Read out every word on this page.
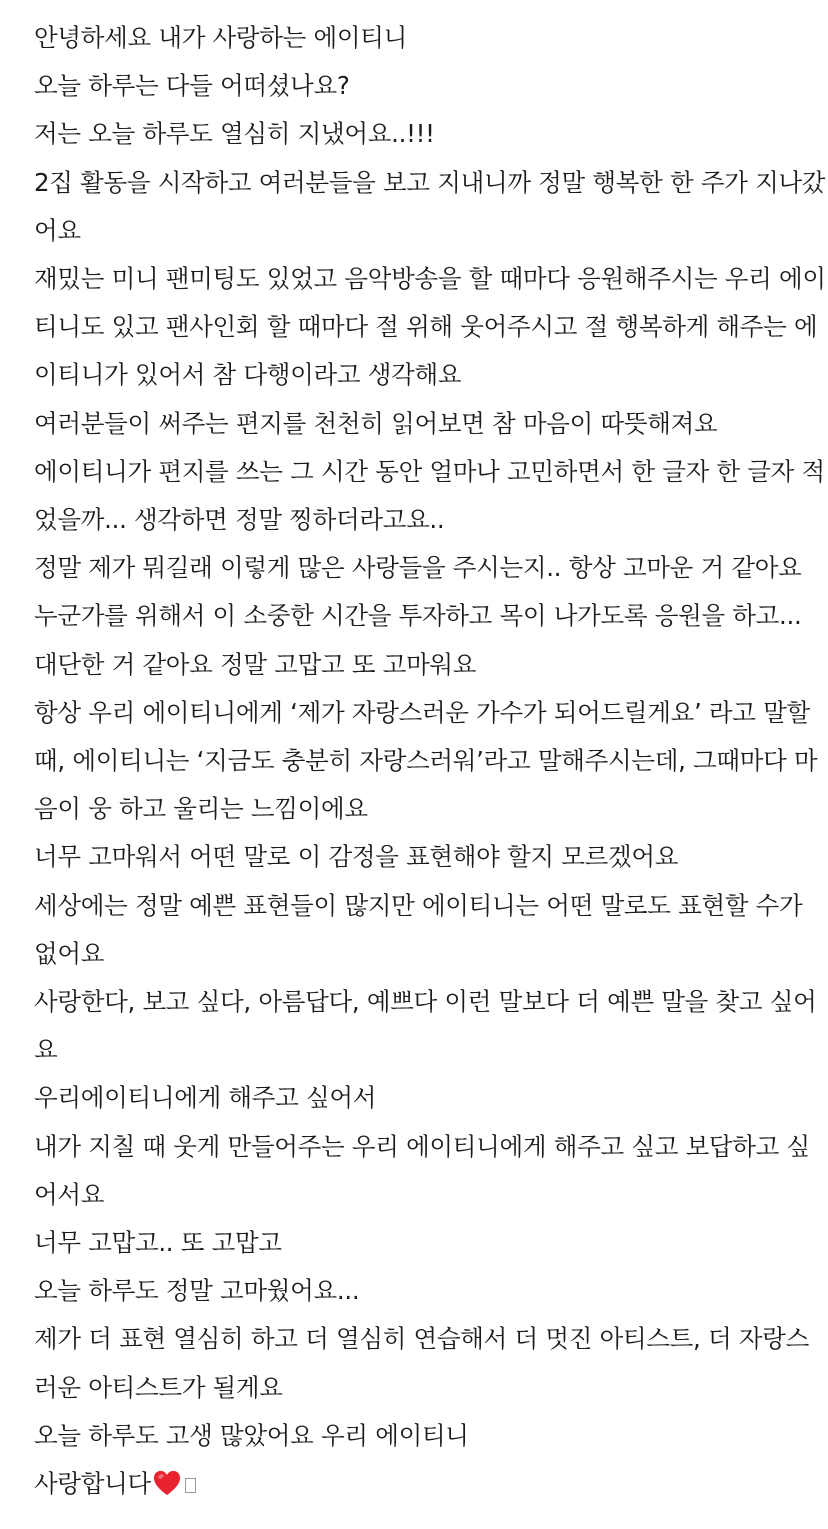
안녕하세요 내가 사랑하는 에이티니
오늘 하루는 다들 어떠셨나요?
저는 오늘 하루도 열심히 지냈어요..!!!
2집 활동을 시작하고 여러분들을 보고 지내니까 정말 행복한 한 주가 지나갔
어요
재밌는 미니 팬미팅도 있었고 음악방송을 할 때마다 응원해주시는 우리 에이
티니도 있고 팬사인회 할 때마다 절 위해 웃어주시고 절 행복하게 해주는 에
이티니가 있어서 참 다행이라고 생각해요
여러분들이 써주는 편지를 천천히 읽어보면 참 마음이 따뜻해져요
에이티니가 편지를 쓰는 그 시간 동안 얼마나 고민하면서 한 글자 한 글자 적
었을까... 생각하면 정말 찡하더라고요..
정말 제가 뭐길래 이렇게 많은 사랑들을 주시는지.. 항상 고마운 거 같아요
누군가를 위해서 이 소중한 시간을 투자하고 목이 나가도록 응원을 하고...
대단한 거 같아요 정말 고맙고 또 고마워요
항상 우리 에이티니에게 ‘제가 자랑스러운 가수가 되어드릴게요’ 라고 말할
때, 에이티니는 ‘지금도 충분히 자랑스러워’라고 말해주시는데, 그때마다 마
음이 웅 하고 울리는 느낌이에요
너무 고마워서 어떤 말로 이 감정을 표현해야 할지 모르겠어요
세상에는 정말 예쁜 표현들이 많지만 에이티니는 어떤 말로도 표현할 수가
없어요
사랑한다, 보고 싶다, 아름답다, 예쁘다 이런 말보다 더 예쁜 말을 찾고 싶어
요
우리에이티니에게 해주고 싶어서
내가 지칠 때 웃게 만들어주는 우리 에이티니에게 해주고 싶고 보답하고 싶
어서요
너무 고맙고.. 또 고맙고
오늘 하루도 정말 고마웠어요...
제가 더 표현 열심히 하고 더 열심히 연습해서 더 멋진 아티스트, 더 자랑스
러운 아티스트가 될게요
오늘 하루도 고생 많았어요 우리 에이티니
사랑합니다
